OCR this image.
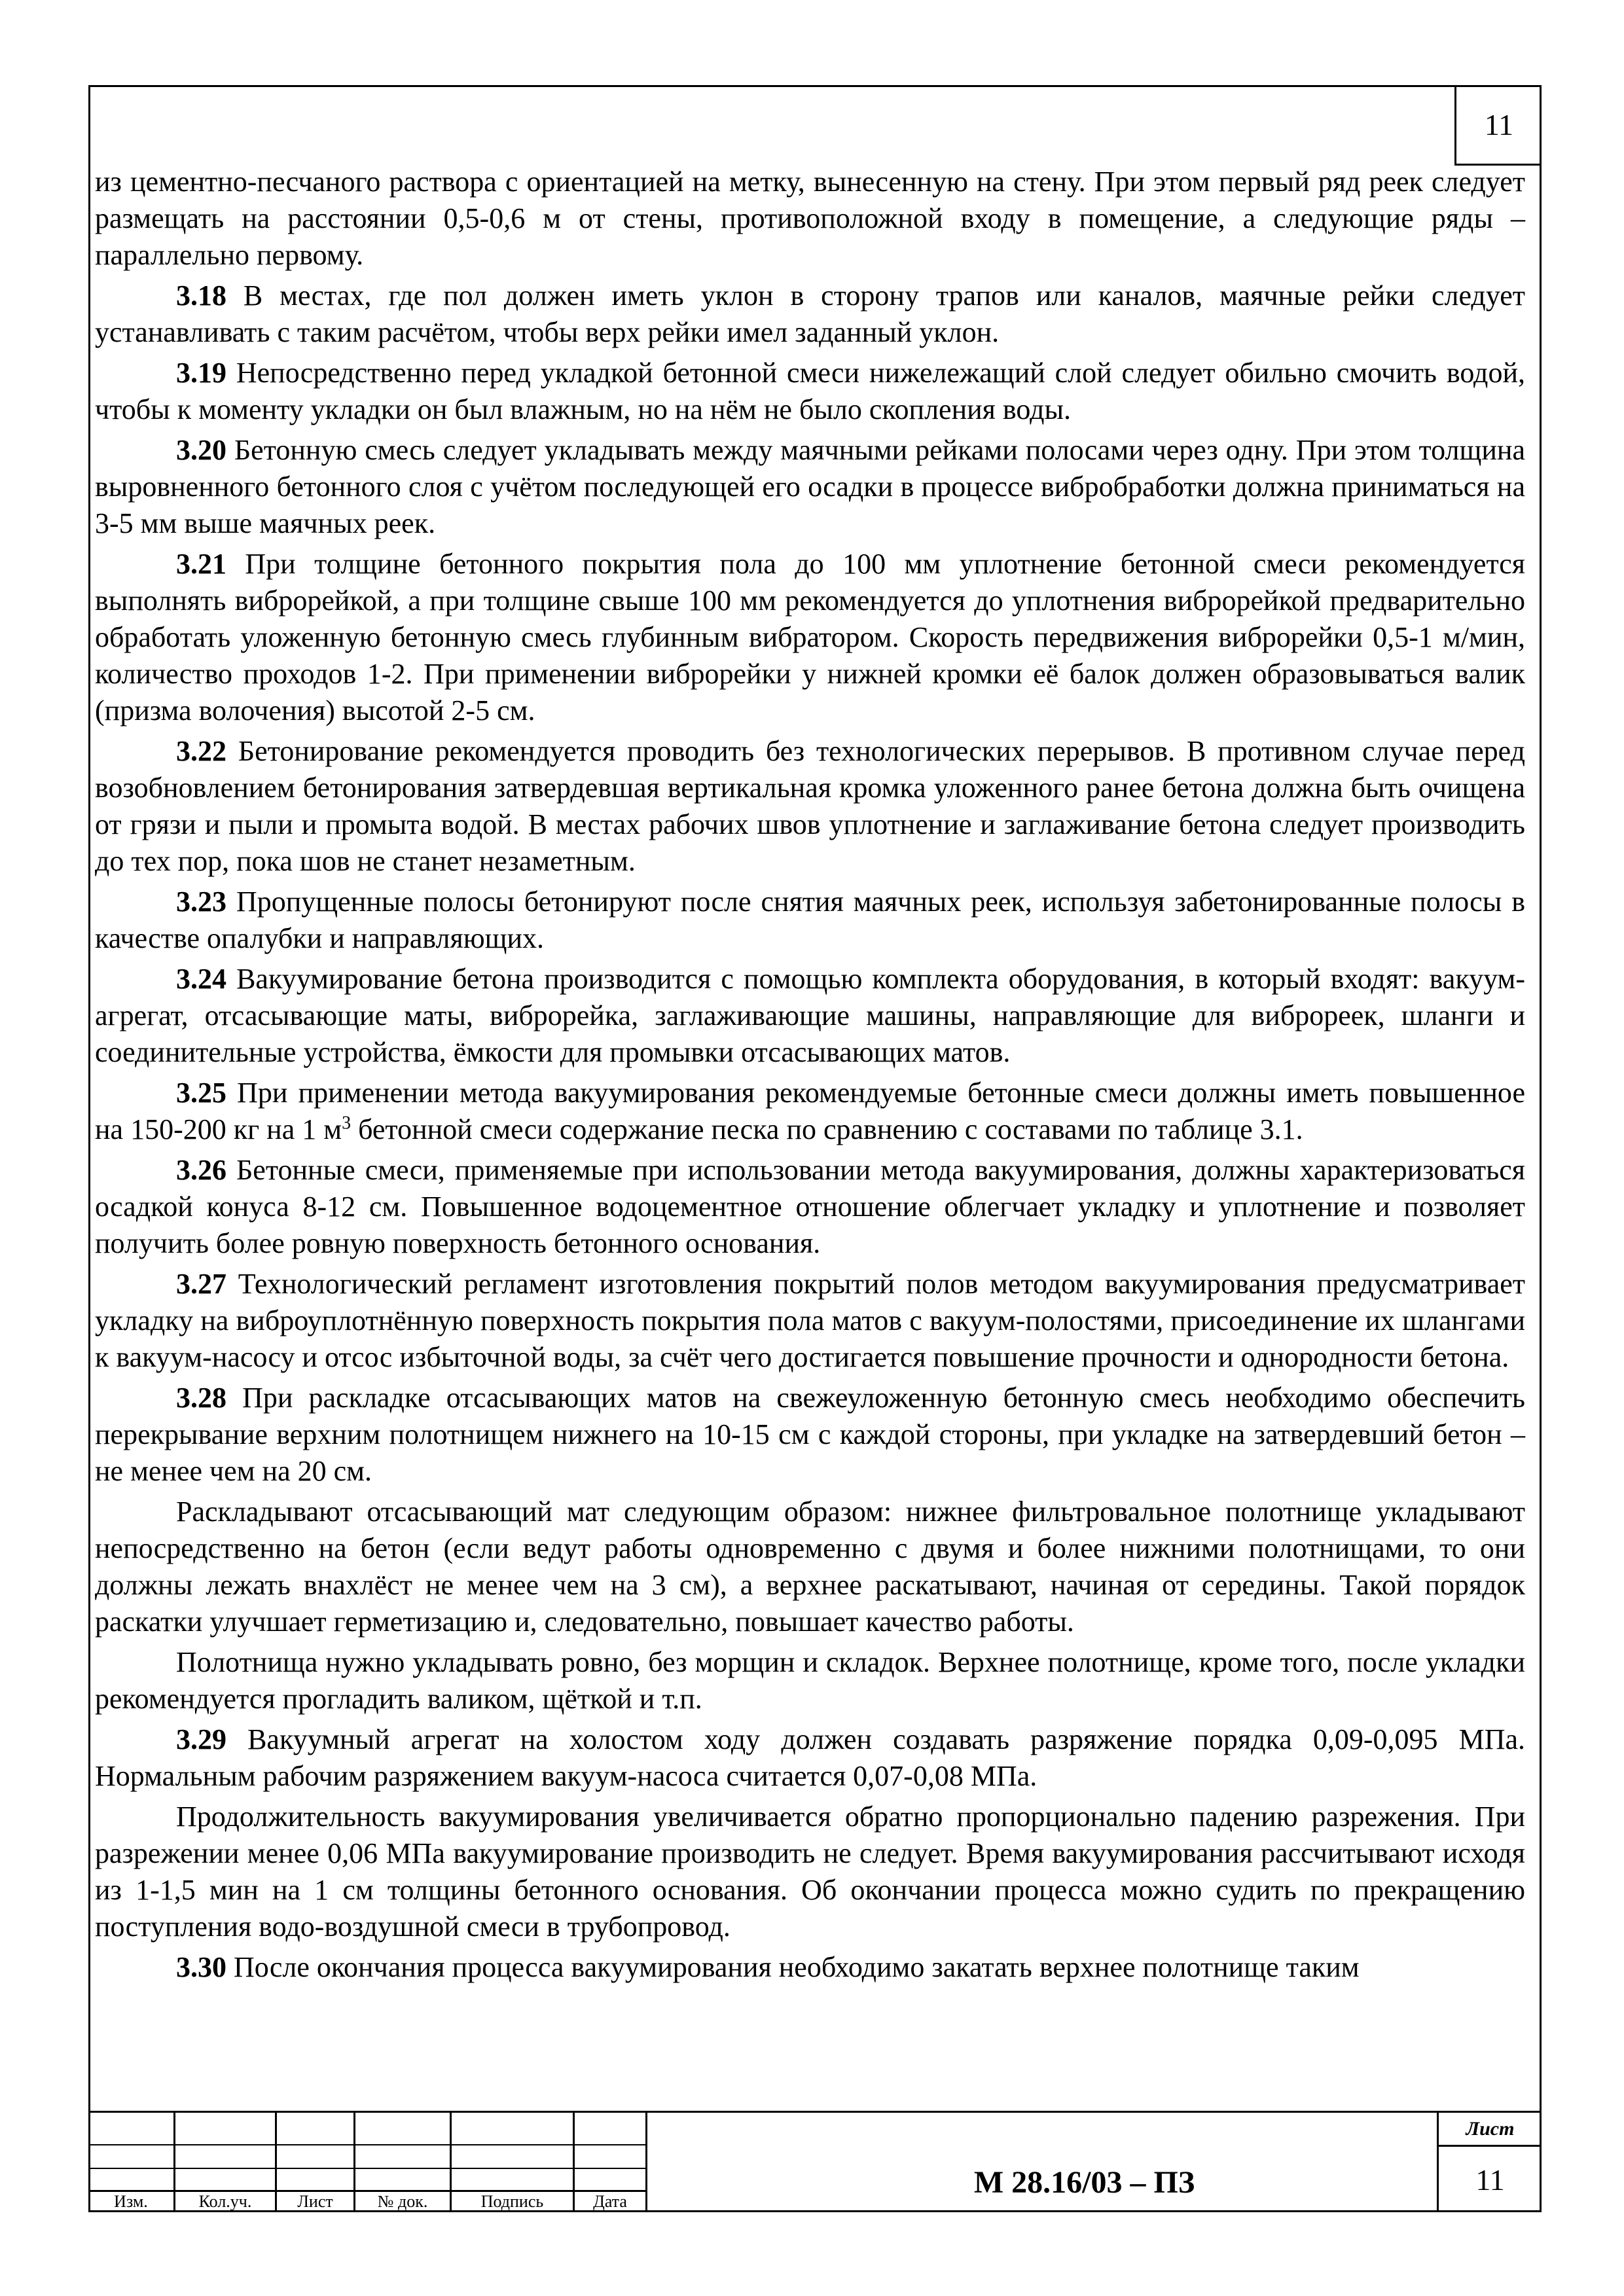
11

из цементно-песчаного раствора с ориентацией на метку, вынесенную на стену. При этом первый ряд реек следует размещать на расстоянии 0,5-0,6 м от стены, противоположной входу в помещение, а следующие ряды – параллельно первому.

3.18 В местах, где пол должен иметь уклон в сторону трапов или каналов, маячные рейки следует устанавливать с таким расчётом, чтобы верх рейки имел заданный уклон.

3.19 Непосредственно перед укладкой бетонной смеси нижележащий слой следует обильно смочить водой, чтобы к моменту укладки он был влажным, но на нём не было скопления воды.

3.20 Бетонную смесь следует укладывать между маячными рейками полосами через одну. При этом толщина выровненного бетонного слоя с учётом последующей его осадки в процессе вибробработки должна приниматься на 3-5 мм выше маячных реек.

3.21 При толщине бетонного покрытия пола до 100 мм уплотнение бетонной смеси рекомендуется выполнять виброрейкой, а при толщине свыше 100 мм рекомендуется до уплотнения виброрейкой предварительно обработать уложенную бетонную смесь глубинным вибратором. Скорость передвижения виброрейки 0,5-1 м/мин, количество проходов 1-2. При применении виброрейки у нижней кромки её балок должен образовываться валик (призма волочения) высотой 2-5 см.

3.22 Бетонирование рекомендуется проводить без технологических перерывов. В противном случае перед возобновлением бетонирования затвердевшая вертикальная кромка уложенного ранее бетона должна быть очищена от грязи и пыли и промыта водой. В местах рабочих швов уплотнение и заглаживание бетона следует производить до тех пор, пока шов не станет незаметным.

3.23 Пропущенные полосы бетонируют после снятия маячных реек, используя забетонированные полосы в качестве опалубки и направляющих.

3.24 Вакуумирование бетона производится с помощью комплекта оборудования, в который входят: вакуум-агрегат, отсасывающие маты, виброрейка, заглаживающие машины, направляющие для виброреек, шланги и соединительные устройства, ёмкости для промывки отсасывающих матов.

3.25 При применении метода вакуумирования рекомендуемые бетонные смеси должны иметь повышенное на 150-200 кг на 1 $м^3$ бетонной смеси содержание песка по сравнению с составами по таблице 3.1.

3.26 Бетонные смеси, применяемые при использовании метода вакуумирования, должны характеризоваться осадкой конуса 8-12 см. Повышенное водоцементное отношение облегчает укладку и уплотнение и позволяет получить более ровную поверхность бетонного основания.

3.27 Технологический регламент изготовления покрытий полов методом вакуумирования предусматривает укладку на виброуплотнённую поверхность покрытия пола матов с вакуум-полостями, присоединение их шлангами к вакуум-насосу и отсос избыточной воды, за счёт чего достигается повышение прочности и однородности бетона.

3.28 При раскладке отсасывающих матов на свежеуложенную бетонную смесь необходимо обеспечить перекрывание верхним полотнищем нижнего на 10-15 см с каждой стороны, при укладке на затвердевший бетон – не менее чем на 20 см.

Раскладывают отсасывающий мат следующим образом: нижнее фильтровальное полотнище укладывают непосредственно на бетон (если ведут работы одновременно с двумя и более нижними полотнищами, то они должны лежать внахлёст не менее чем на 3 см), а верхнее раскатывают, начиная от середины. Такой порядок раскатки улучшает герметизацию и, следовательно, повышает качество работы.

Полотнища нужно укладывать ровно, без морщин и складок. Верхнее полотнище, кроме того, после укладки рекомендуется прогладить валиком, щёткой и т.п.

3.29 Вакуумный агрегат на холостом ходу должен создавать разряжение порядка 0,09-0,095 МПа. Нормальным рабочим разряжением вакуум-насоса считается 0,07-0,08 МПа.

Продолжительность вакуумирования увеличивается обратно пропорционально падению разрежения. При разрежении менее 0,06 МПа вакуумирование производить не следует. Время вакуумирования рассчитывают исходя из 1-1,5 мин на 1 см толщины бетонного основания. Об окончании процесса можно судить по прекращению поступления водо-воздушной смеси в трубопровод.

3.30 После окончания процесса вакуумирования необходимо закатать верхнее полотнище таким

Изм.	Кол.уч.	Лист	№ док.	Подпись	Дата
М 28.16/03 – ПЗ
Лист
11
